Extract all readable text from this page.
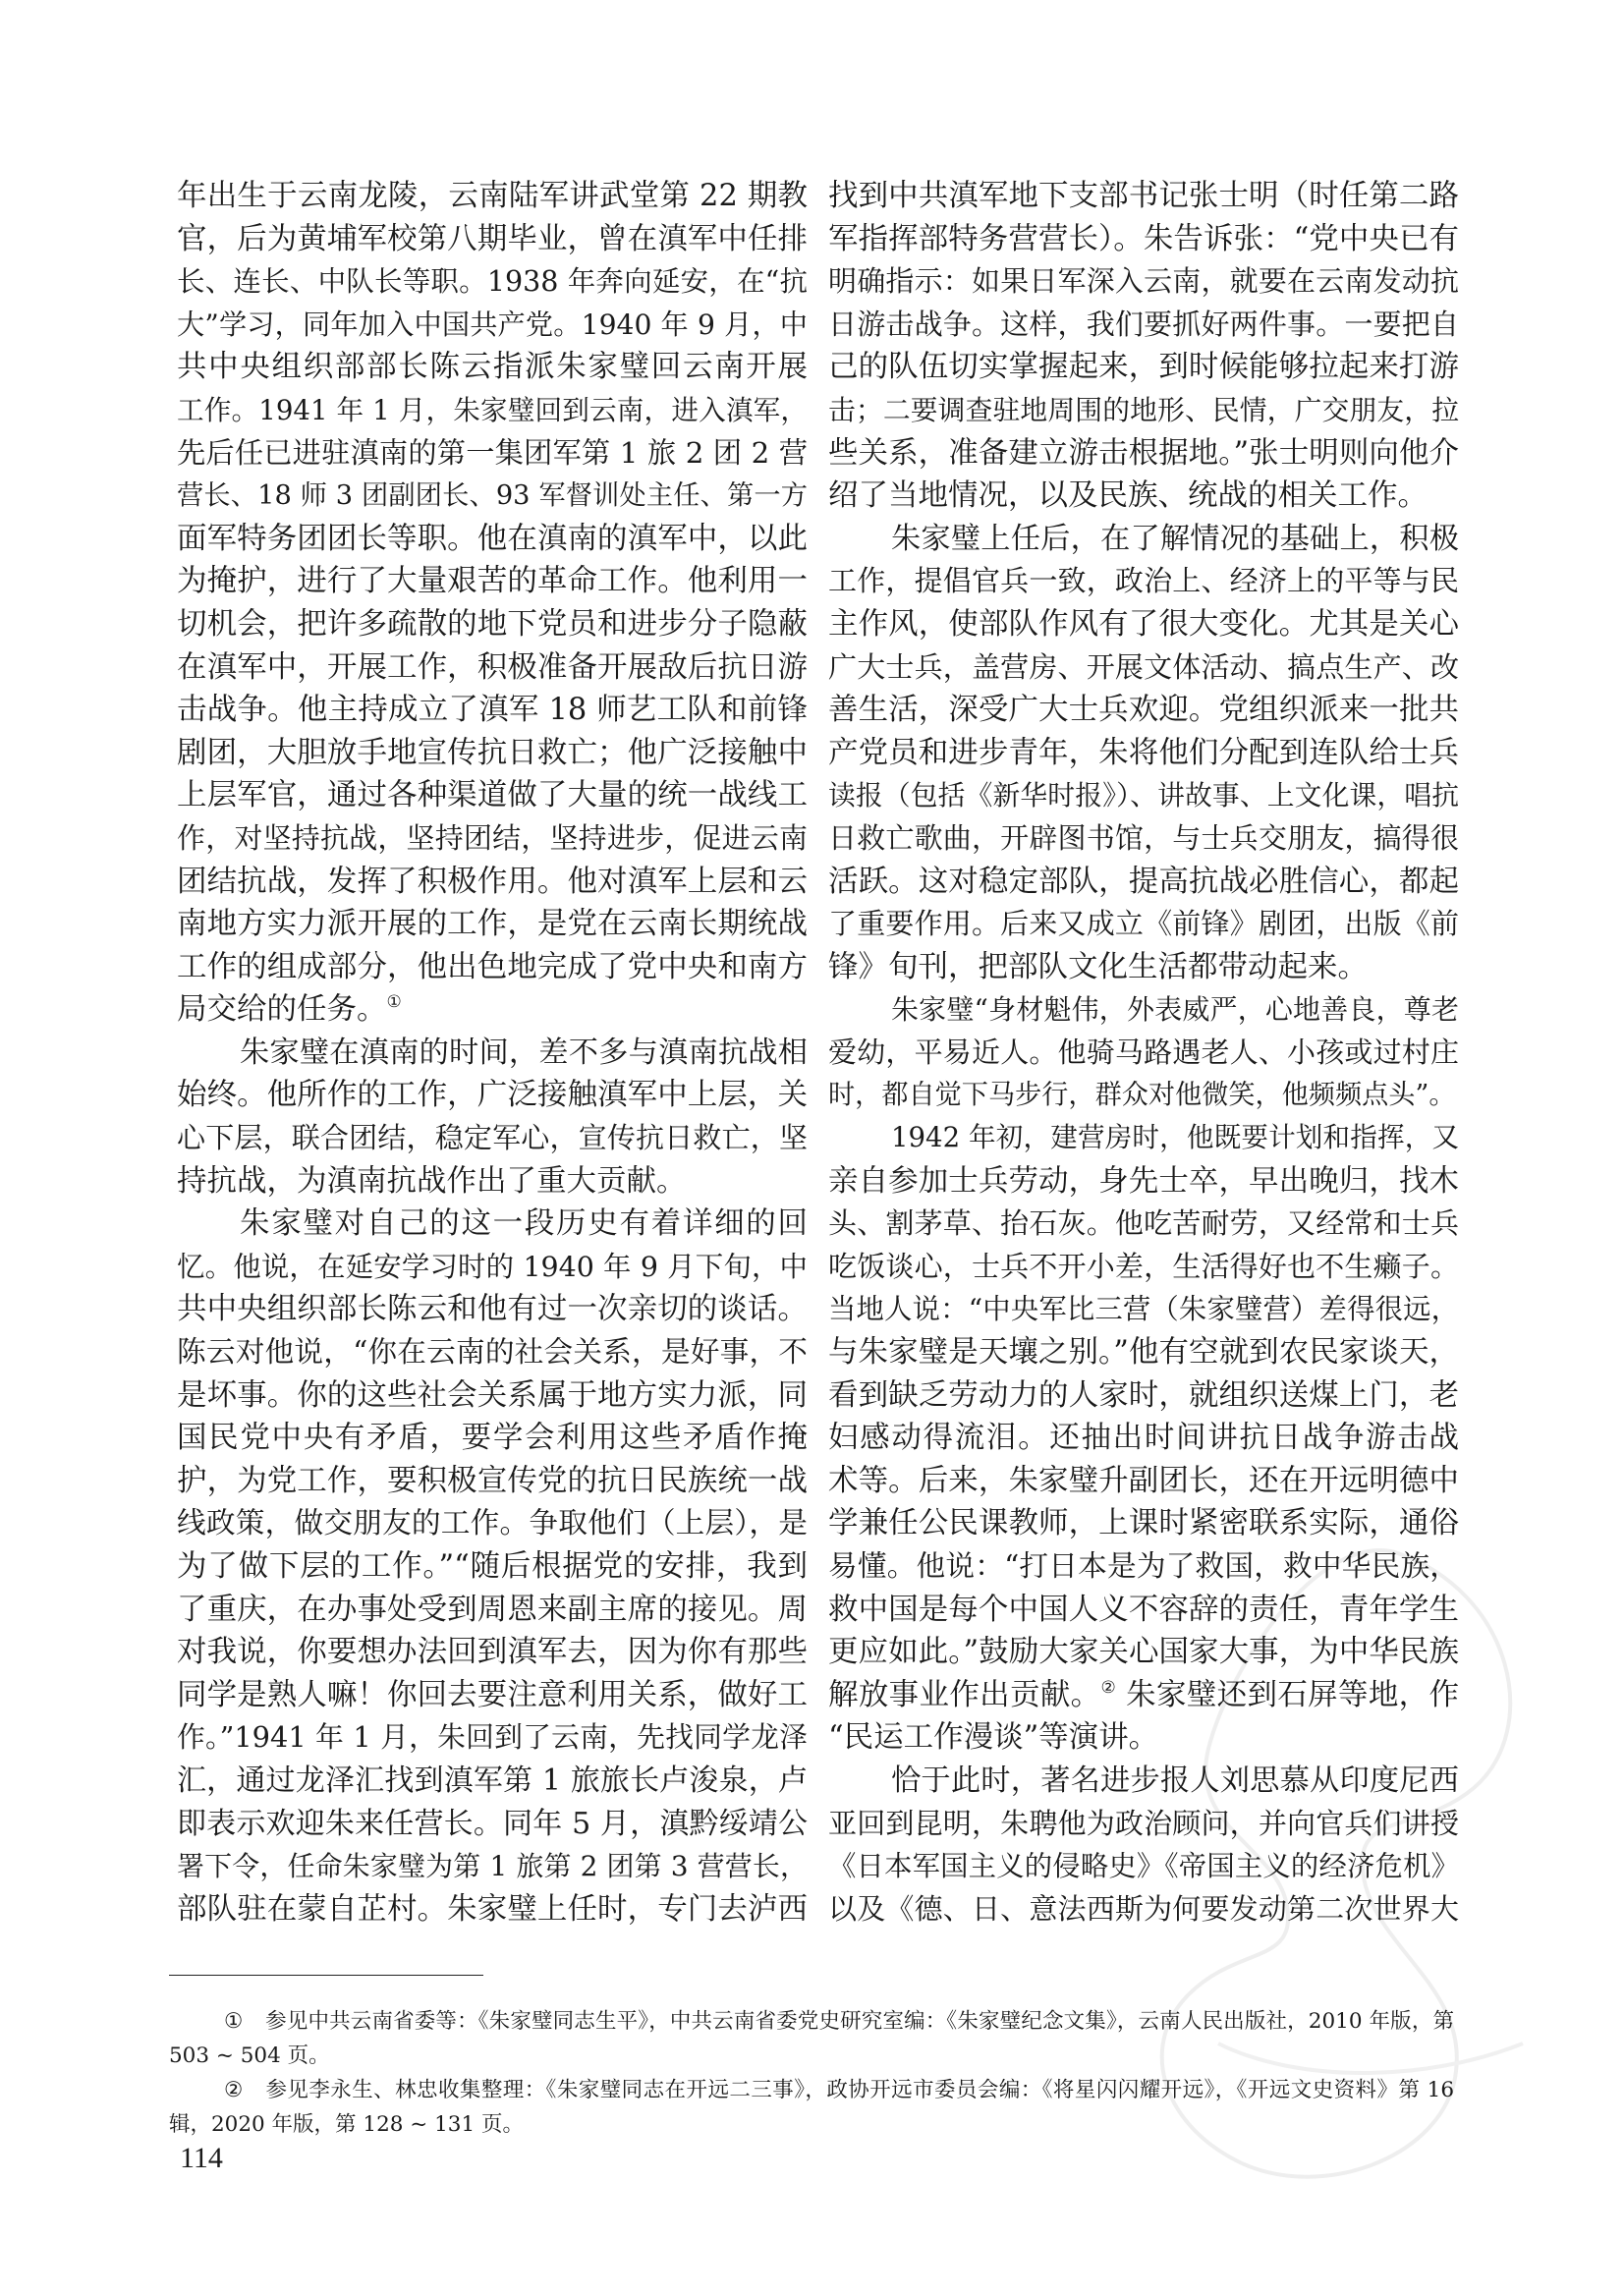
年出生于云南龙陵，云南陆军讲武堂第 22 期教
官，后为黄埔军校第八期毕业，曾在滇军中任排
长、连长、中队长等职。1938 年奔向延安，在“抗
大”学习，同年加入中国共产党。1940 年 9 月，中
共中央组织部部长陈云指派朱家璧回云南开展
工作。1941 年 1 月，朱家璧回到云南，进入滇军，
先后任已进驻滇南的第一集团军第 1 旅 2 团 2 营
营长、18 师 3 团副团长、93 军督训处主任、第一方
面军特务团团长等职。他在滇南的滇军中，以此
为掩护，进行了大量艰苦的革命工作。他利用一
切机会，把许多疏散的地下党员和进步分子隐蔽
在滇军中，开展工作，积极准备开展敌后抗日游
击战争。他主持成立了滇军 18 师艺工队和前锋
剧团，大胆放手地宣传抗日救亡；他广泛接触中
上层军官，通过各种渠道做了大量的统一战线工
作，对坚持抗战，坚持团结，坚持进步，促进云南
团结抗战，发挥了积极作用。他对滇军上层和云
南地方实力派开展的工作，是党在云南长期统战
工作的组成部分，他出色地完成了党中央和南方
局交给的任务。①
朱家璧在滇南的时间，差不多与滇南抗战相
始终。他所作的工作，广泛接触滇军中上层，关
心下层，联合团结，稳定军心，宣传抗日救亡，坚
持抗战，为滇南抗战作出了重大贡献。
朱家璧对自己的这一段历史有着详细的回
忆。他说，在延安学习时的 1940 年 9 月下旬，中
共中央组织部长陈云和他有过一次亲切的谈话。
陈云对他说，“你在云南的社会关系，是好事，不
是坏事。你的这些社会关系属于地方实力派，同
国民党中央有矛盾，要学会利用这些矛盾作掩
护，为党工作，要积极宣传党的抗日民族统一战
线政策，做交朋友的工作。争取他们（上层），是
为了做下层的工作。”“随后根据党的安排，我到
了重庆，在办事处受到周恩来副主席的接见。周
对我说，你要想办法回到滇军去，因为你有那些
同学是熟人嘛！你回去要注意利用关系，做好工
作。”1941 年 1 月，朱回到了云南，先找同学龙泽
汇，通过龙泽汇找到滇军第 1 旅旅长卢浚泉，卢
即表示欢迎朱来任营长。同年 5 月，滇黔绥靖公
署下令，任命朱家璧为第 1 旅第 2 团第 3 营营长，
部队驻在蒙自芷村。朱家璧上任时，专门去泸西
找到中共滇军地下支部书记张士明（时任第二路
军指挥部特务营营长）。朱告诉张：“党中央已有
明确指示：如果日军深入云南，就要在云南发动抗
日游击战争。这样，我们要抓好两件事。一要把自
己的队伍切实掌握起来，到时候能够拉起来打游
击；二要调查驻地周围的地形、民情，广交朋友，拉
些关系，准备建立游击根据地。”张士明则向他介
绍了当地情况，以及民族、统战的相关工作。
朱家璧上任后，在了解情况的基础上，积极
工作，提倡官兵一致，政治上、经济上的平等与民
主作风，使部队作风有了很大变化。尤其是关心
广大士兵，盖营房、开展文体活动、搞点生产、改
善生活，深受广大士兵欢迎。党组织派来一批共
产党员和进步青年，朱将他们分配到连队给士兵
读报（包括《新华时报》）、讲故事、上文化课，唱抗
日救亡歌曲，开辟图书馆，与士兵交朋友，搞得很
活跃。这对稳定部队，提高抗战必胜信心，都起
了重要作用。后来又成立《前锋》剧团，出版《前
锋》旬刊，把部队文化生活都带动起来。
朱家璧“身材魁伟，外表威严，心地善良，尊老
爱幼，平易近人。他骑马路遇老人、小孩或过村庄
时，都自觉下马步行，群众对他微笑，他频频点头”。
1942 年初，建营房时，他既要计划和指挥，又
亲自参加士兵劳动，身先士卒，早出晚归，找木
头、割茅草、抬石灰。他吃苦耐劳，又经常和士兵
吃饭谈心，士兵不开小差，生活得好也不生癞子。
当地人说：“中央军比三营（朱家璧营）差得很远，
与朱家璧是天壤之别。”他有空就到农民家谈天，
看到缺乏劳动力的人家时，就组织送煤上门，老
妇感动得流泪。还抽出时间讲抗日战争游击战
术等。后来，朱家璧升副团长，还在开远明德中
学兼任公民课教师，上课时紧密联系实际，通俗
易懂。他说：“打日本是为了救国，救中华民族，
救中国是每个中国人义不容辞的责任，青年学生
更应如此。”鼓励大家关心国家大事，为中华民族
解放事业作出贡献。② 朱家璧还到石屏等地，作
“民运工作漫谈”等演讲。
恰于此时，著名进步报人刘思慕从印度尼西
亚回到昆明，朱聘他为政治顾问，并向官兵们讲授
《日本军国主义的侵略史》《帝国主义的经济危机》
以及《德、日、意法西斯为何要发动第二次世界大
① 参见中共云南省委等：《朱家璧同志生平》，中共云南省委党史研究室编：《朱家璧纪念文集》，云南人民出版社，2010 年版，第
503 ~ 504 页。
② 参见李永生、林忠收集整理：《朱家璧同志在开远二三事》，政协开远市委员会编：《将星闪闪耀开远》，《开远文史资料》第 16
辑，2020 年版，第 128 ~ 131 页。
114
